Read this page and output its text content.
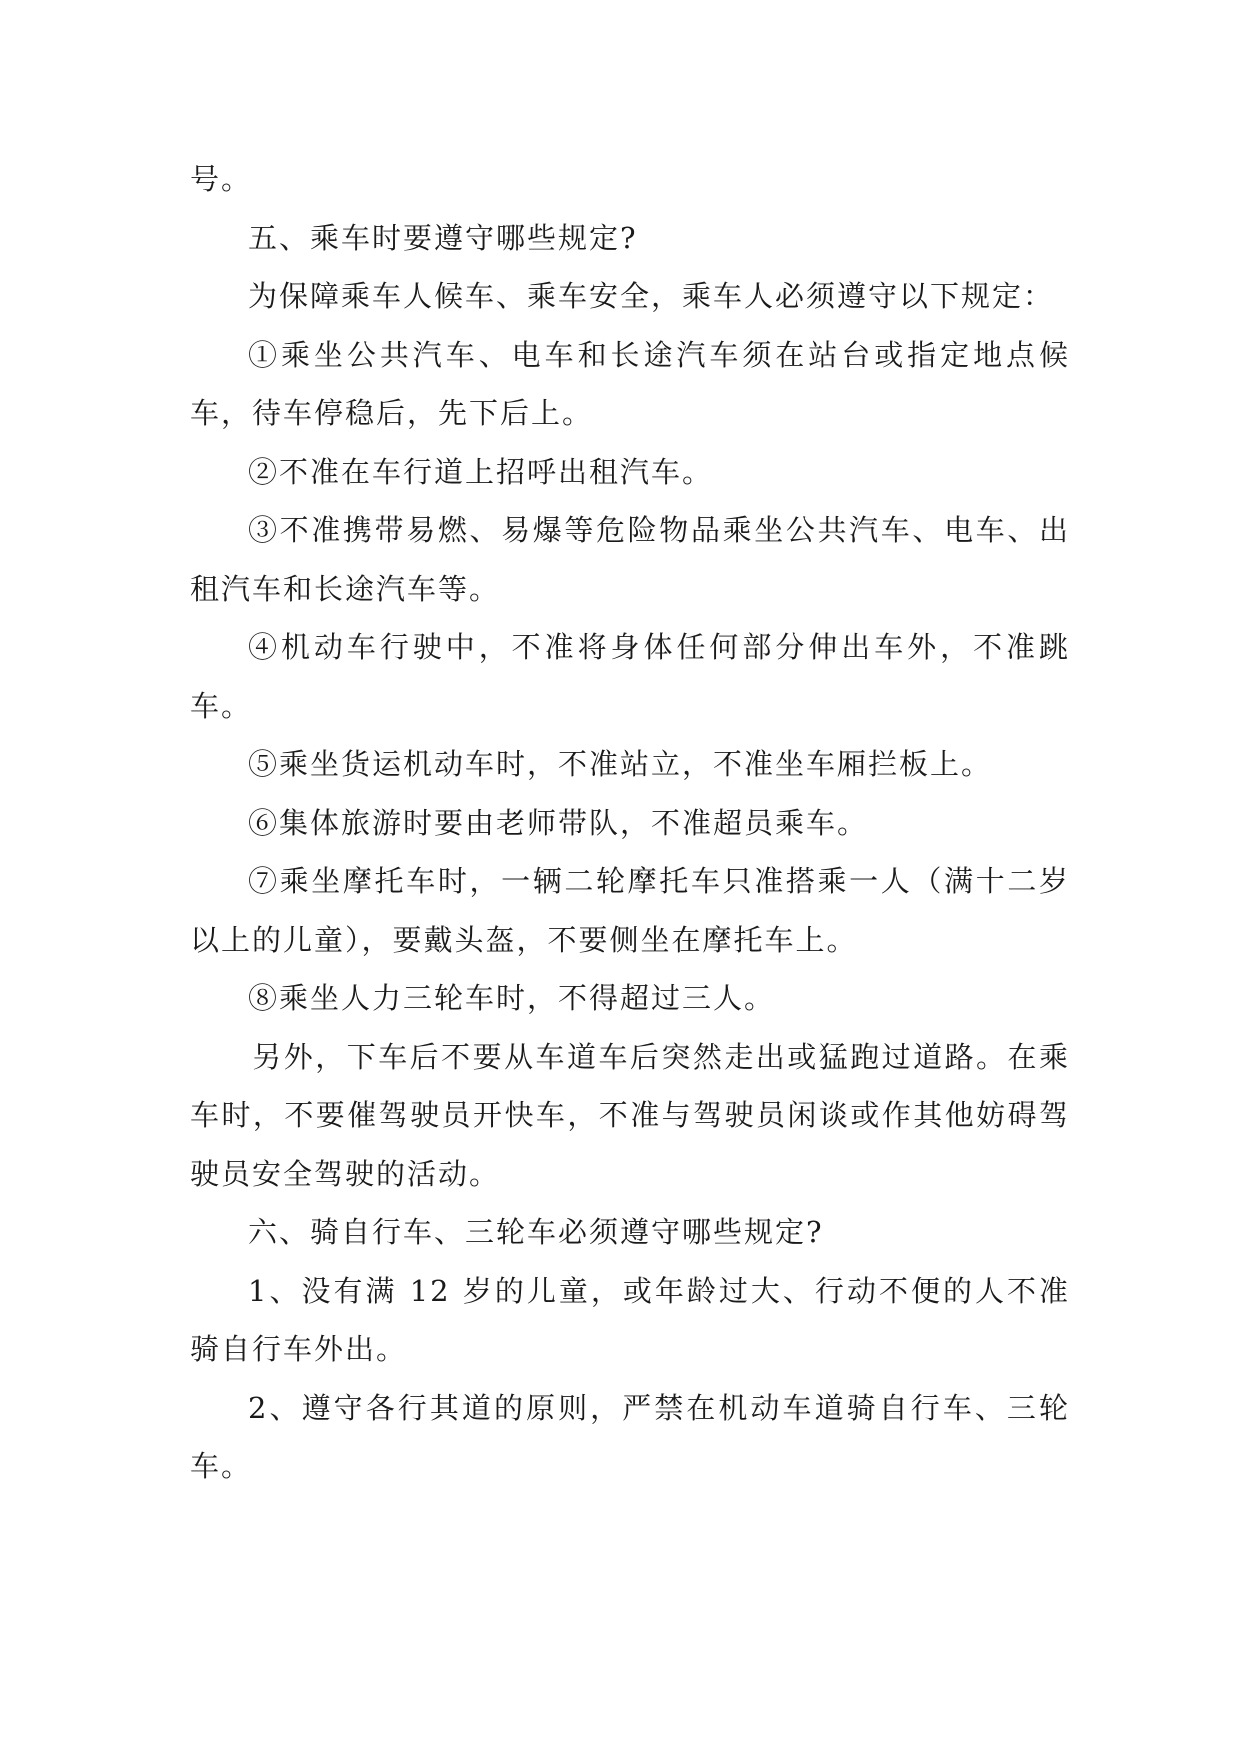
号。

五、乘车时要遵守哪些规定?

为保障乘车人候车、乘车安全，乘车人必须遵守以下规定：

①乘坐公共汽车、电车和长途汽车须在站台或指定地点候车，待车停稳后，先下后上。

②不准在车行道上招呼出租汽车。

③不准携带易燃、易爆等危险物品乘坐公共汽车、电车、出租汽车和长途汽车等。

④机动车行驶中，不准将身体任何部分伸出车外，不准跳车。

⑤乘坐货运机动车时，不准站立，不准坐车厢拦板上。

⑥集体旅游时要由老师带队，不准超员乘车。

⑦乘坐摩托车时，一辆二轮摩托车只准搭乘一人（满十二岁以上的儿童），要戴头盔，不要侧坐在摩托车上。

⑧乘坐人力三轮车时，不得超过三人。

另外，下车后不要从车道车后突然走出或猛跑过道路。在乘车时，不要催驾驶员开快车，不准与驾驶员闲谈或作其他妨碍驾驶员安全驾驶的活动。

六、骑自行车、三轮车必须遵守哪些规定?

1、没有满 12 岁的儿童，或年龄过大、行动不便的人不准骑自行车外出。

2、遵守各行其道的原则，严禁在机动车道骑自行车、三轮车。
